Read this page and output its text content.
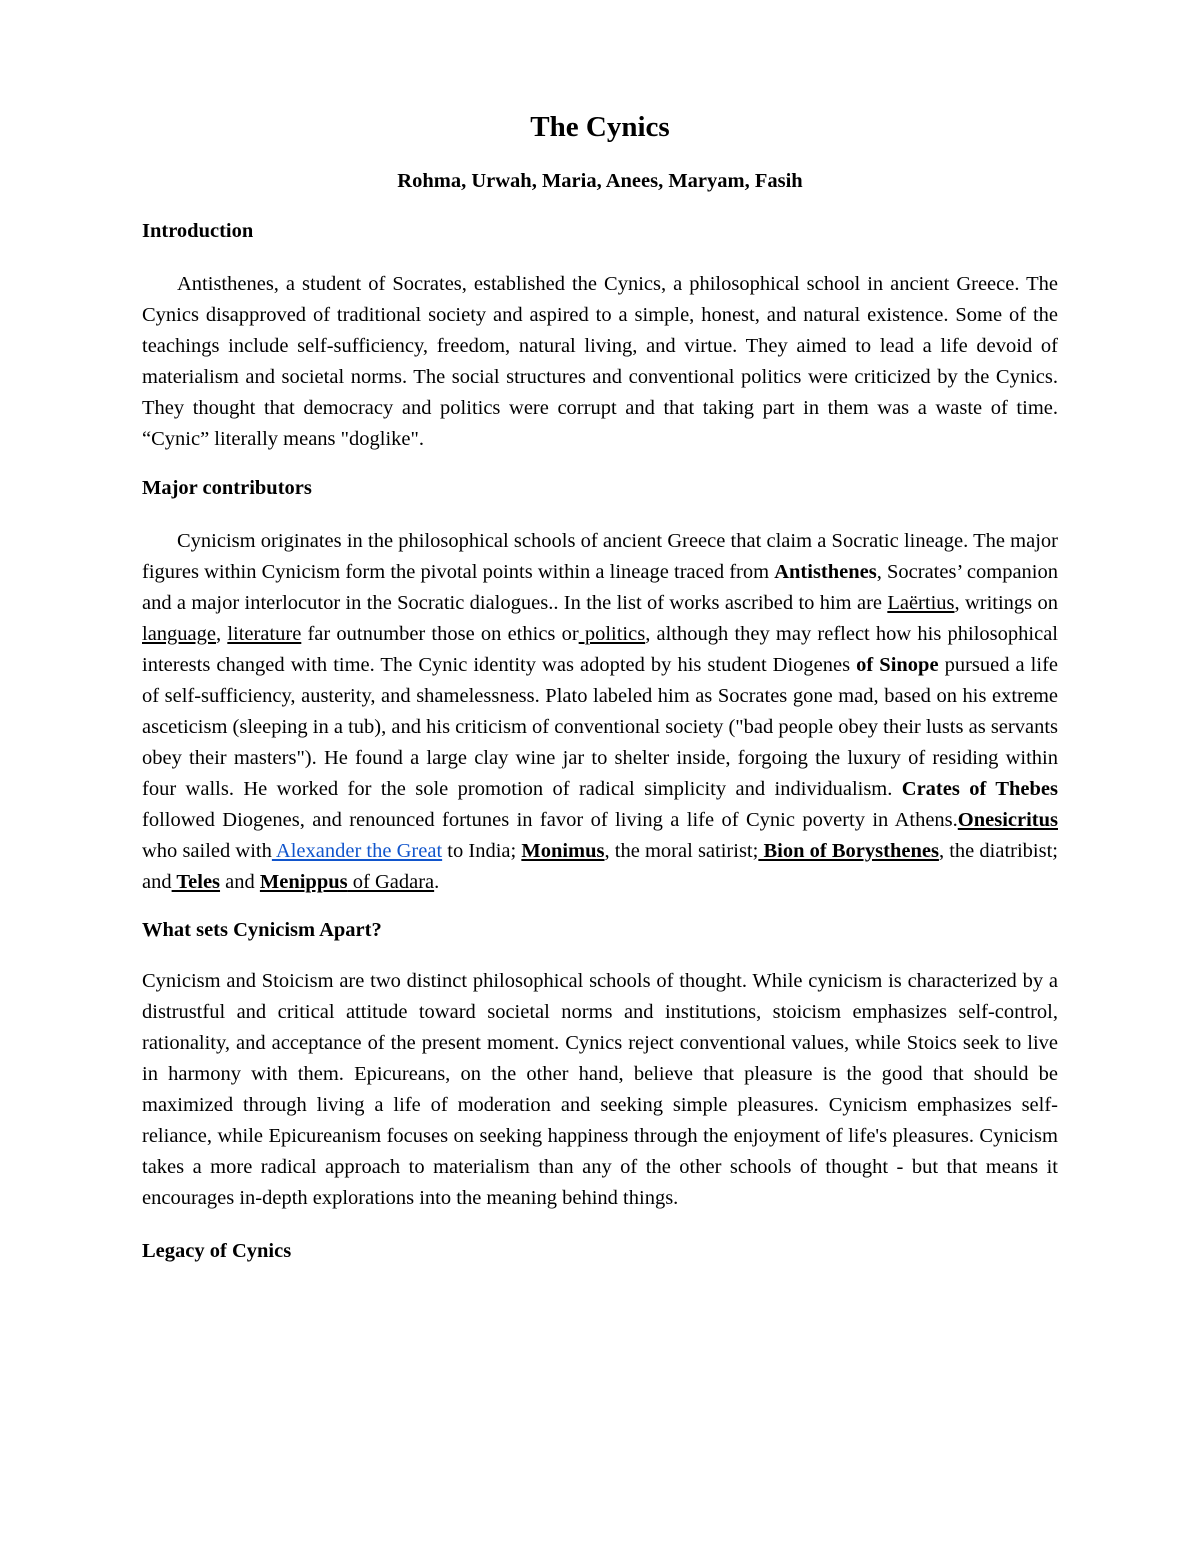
The Cynics
Rohma, Urwah, Maria, Anees, Maryam, Fasih
Introduction

Antisthenes, a student of Socrates, established the Cynics, a philosophical school in ancient Greece. The Cynics disapproved of traditional society and aspired to a simple, honest, and natural existence. Some of the teachings include self-sufficiency, freedom, natural living, and virtue. They aimed to lead a life devoid of materialism and societal norms. The social structures and conventional politics were criticized by the Cynics. They thought that democracy and politics were corrupt and that taking part in them was a waste of time. “Cynic” literally means "doglike".

Major contributors

Cynicism originates in the philosophical schools of ancient Greece that claim a Socratic lineage. The major figures within Cynicism form the pivotal points within a lineage traced from Antisthenes, Socrates’ companion and a major interlocutor in the Socratic dialogues.. In the list of works ascribed to him are Laërtius, writings on language, literature far outnumber those on ethics or politics, although they may reflect how his philosophical interests changed with time. The Cynic identity was adopted by his student Diogenes of Sinope pursued a life of self-sufficiency, austerity, and shamelessness. Plato labeled him as Socrates gone mad, based on his extreme asceticism (sleeping in a tub), and his criticism of conventional society ("bad people obey their lusts as servants obey their masters"). He found a large clay wine jar to shelter inside, forgoing the luxury of residing within four walls. He worked for the sole promotion of radical simplicity and individualism. Crates of Thebes followed Diogenes, and renounced fortunes in favor of living a life of Cynic poverty in Athens.Onesicritus who sailed with Alexander the Great to India; Monimus, the moral satirist; Bion of Borysthenes, the diatribist; and Teles and Menippus of Gadara.

What sets Cynicism Apart?

Cynicism and Stoicism are two distinct philosophical schools of thought. While cynicism is characterized by a distrustful and critical attitude toward societal norms and institutions, stoicism emphasizes self-control, rationality, and acceptance of the present moment. Cynics reject conventional values, while Stoics seek to live in harmony with them. Epicureans, on the other hand, believe that pleasure is the good that should be maximized through living a life of moderation and seeking simple pleasures. Cynicism emphasizes self-reliance, while Epicureanism focuses on seeking happiness through the enjoyment of life's pleasures. Cynicism takes a more radical approach to materialism than any of the other schools of thought - but that means it encourages in-depth explorations into the meaning behind things.

Legacy of Cynics
